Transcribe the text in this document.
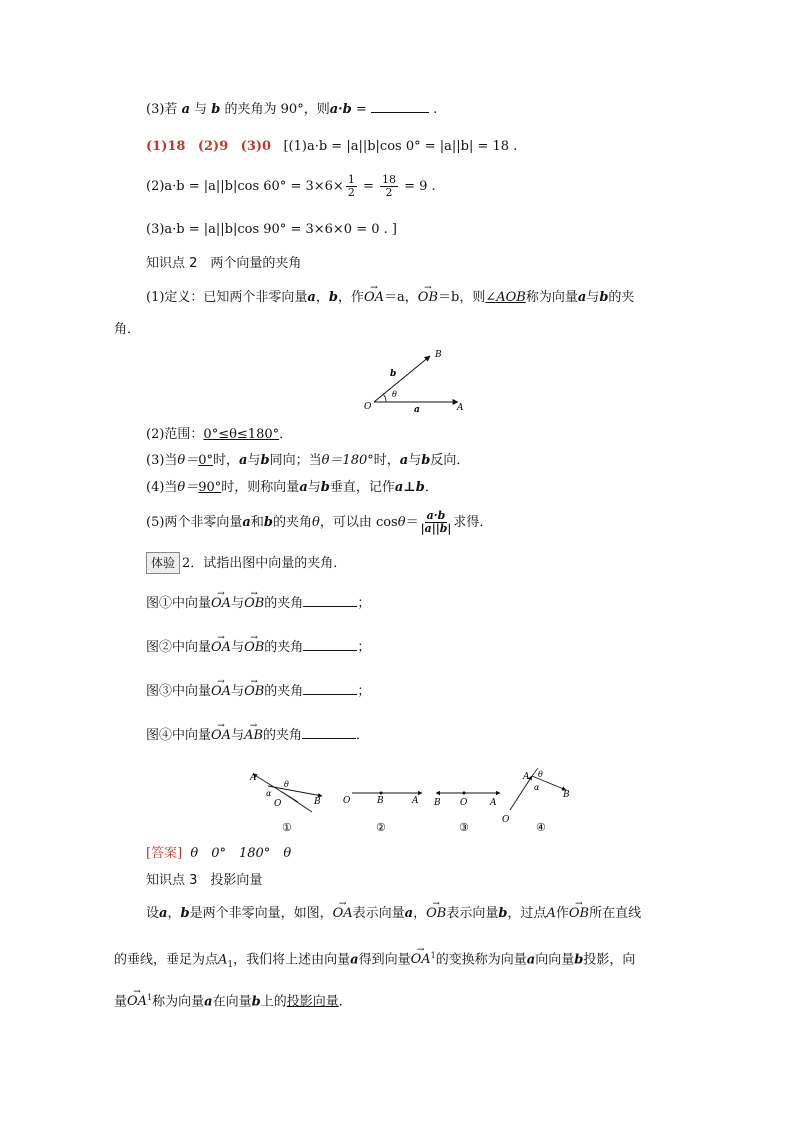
(3)若 a 与 b 的夹角为 90°，则a·b =	.
(1)18 (2)9 (3)0 [(1)a·b = |a||b|cos 0° = |a||b| = 18 .
(2)a·b = |a||b|cos $60^\circ = 3\times 6\times \frac{1}{2} = \frac{18}{2} = 9$ .
(3)a·b = |a||b|cos 90° = 3×6×0 = 0 . ]
知识点 2　两个向量的夹角
(1)定义：已知两个非零向量a，b，作→ OA＝a，→ OB＝b，则∠AOB称为向量a与b的夹
角．
B
b
θ
O	a	A
(2)范围：0°≤θ≤180°．
(3)当θ＝0°时，a与b同向；当θ＝180°时，a与b反向．
(4)当θ＝90°时，则称向量a与b垂直，记作a⊥b．
(5)两个非零向量a和b的夹角θ，可以由 $\cos\theta= \frac{a\cdot b}{|a||b|}$ 求得．
体验 2．试指出图中向量的夹角．
图①中向量→ OA与→ OB的夹角	；
图②中向量→ OA与→ OB的夹角	；
图③中向量→ OA与→ OB的夹角	；
图④中向量→ OA与→ AB的夹角	．
A
α
θ
O	B
①
O	B	A
②
B O	A
③
A θ
α
B
O
④
[答案] θ　0°　180°　θ
知识点 3　投影向量
设a，b是两个非零向量，如图，→ OA表示向量a，→ OB表示向量b，过点A作→ OB所在直线
的垂线，垂足为点$A_1$，我们将上述由向量a得到向量→ $OA^1$的变换称为向量a向向量b投影，向
量→ $OA^1$称为向量a在向量b上的投影向量．
